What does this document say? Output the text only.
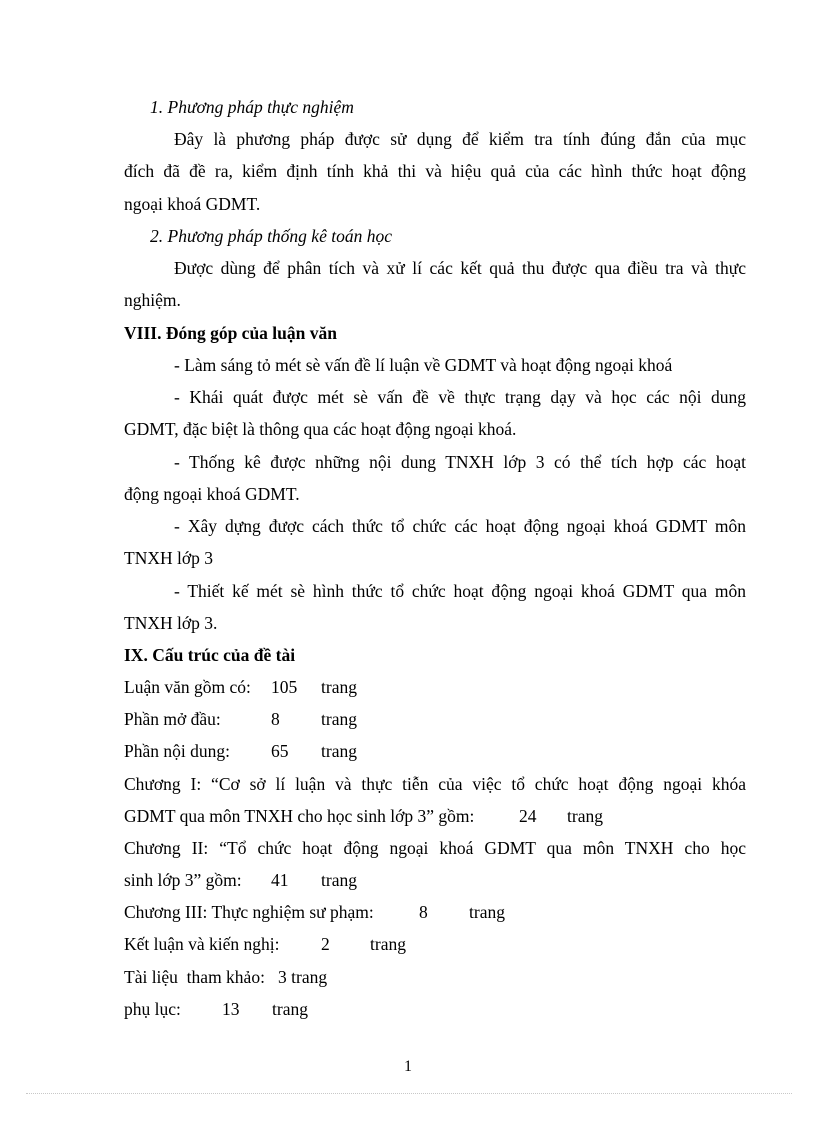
1. Phương pháp thực nghiệm
Đây là phương pháp được sử dụng để kiểm tra tính đúng đắn của mục
đích đã đề ra, kiểm định tính khả thi và hiệu quả của các hình thức hoạt động
ngoại khoá GDMT.
2. Phương pháp thống kê toán học
Được dùng để phân tích và xử lí các kết quả thu được qua điều tra và thực
nghiệm.
VIII. Đóng góp của luận văn
- Làm sáng tỏ mét sè vấn đề lí luận về GDMT và hoạt động ngoại khoá
- Khái quát được mét sè vấn đề về thực trạng dạy và học các nội dung
GDMT, đặc biệt là thông qua các hoạt động ngoại khoá.
- Thống kê được những nội dung TNXH lớp 3 có thể tích hợp các hoạt
động ngoại khoá GDMT.
- Xây dựng được cách thức tổ chức các hoạt động ngoại khoá GDMT môn
TNXH lớp 3
- Thiết kế mét sè hình thức tổ chức hoạt động ngoại khoá GDMT qua môn
TNXH lớp 3.
IX. Cấu trúc của đề tài
Luận văn gồm có: 105 trang
Phần mở đầu:	8 trang
Phần nội dung: 65 trang
Chương I: “Cơ sở lí luận và thực tiễn của việc tổ chức hoạt động ngoại khóa
GDMT qua môn TNXH cho học sinh lớp 3” gồm:	24 trang
Chương II: “Tổ chức hoạt động ngoại khoá GDMT qua môn TNXH cho học
sinh lớp 3” gồm: 41 trang
Chương III: Thực nghiệm sư phạm:	8 trang
Kết luận và kiến nghị: 2 trang
Tài liệu  tham khảo:   3 trang
phụ lục: 13 trang
1
